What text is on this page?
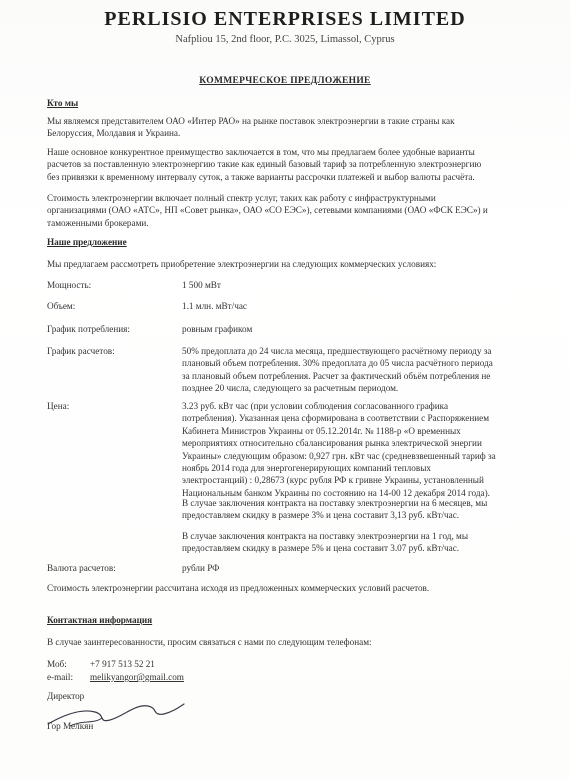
PERLISIO ENTERPRISES LIMITED
Nafpliou 15, 2nd floor, P.C. 3025, Limassol, Cyprus
КОММЕРЧЕСКОЕ ПРЕДЛОЖЕНИЕ
Кто мы
Мы являемся представителем ОАО «Интер РАО» на рынке поставок электроэнергии в такие страны как
Белоруссия, Молдавия и Украина.
Наше основное конкурентное преимущество заключается в том, что мы предлагаем более удобные варианты
расчетов за поставленную электроэнергию такие как единый базовый тариф за потребленную электроэнергию
без привязки к временному интервалу суток, а также варианты рассрочки платежей и выбор валюты расчёта.
Стоимость электроэнергии включает полный спектр услуг, таких как работу с инфраструктурными
организациями (ОАО «АТС», НП «Совет рынка», ОАО «СО ЕЭС»), сетевыми компаниями (ОАО «ФСК ЕЭС») и
таможенными брокерами.
Наше предложение
Мы предлагаем рассмотреть приобретение электроэнергии на следующих коммерческих условиях:
Мощность:	1 500 мВт
Объем:	1.1 млн. мВт/час
График потребления:	ровным графиком
График расчетов:	50% предоплата до 24 числа месяца, предшествующего расчётному периоду за
плановый объем потребления. 30% предоплата до 05 числа расчётного периода
за плановый объем потребления. Расчет за фактический объём потребления не
позднее 20 числа, следующего за расчетным периодом.
Цена:	3.23 руб. кВт час (при условии соблюдения согласованного графика
потребления). Указанная цена сформирована в соответствии с Распоряжением
Кабинета Министров Украины от 05.12.2014г. № 1188-р «О временных
мероприятиях относительно сбалансирования рынка электрической энергии
Украины» следующим образом: 0,927 грн. кВт час (средневзвешенный тариф за
ноябрь 2014 года для энергогенерирующих компаний тепловых
электростанций) : 0,28673 (курс рубля РФ к гривне Украины, установленный
Национальным банком Украины по состоянию на 14-00 12 декабря 2014 года).
В случае заключения контракта на поставку электроэнергии на 6 месяцев, мы
предоставляем скидку в размере 3% и цена составит 3,13 руб. кВт/час.
В случае заключения контракта на поставку электроэнергии на 1 год, мы
предоставляем скидку в размере 5% и цена составит 3.07 руб. кВт/час.
Валюта расчетов:	рубли РФ
Стоимость электроэнергии рассчитана исходя из предложенных коммерческих условий расчетов.
Контактная информация
В случае заинтересованности, просим связаться с нами по следующим телефонам:
Моб:	+7 917 513 52 21
e-mail: melikyangor@gmail.com
Директор
Гор Мелкян
